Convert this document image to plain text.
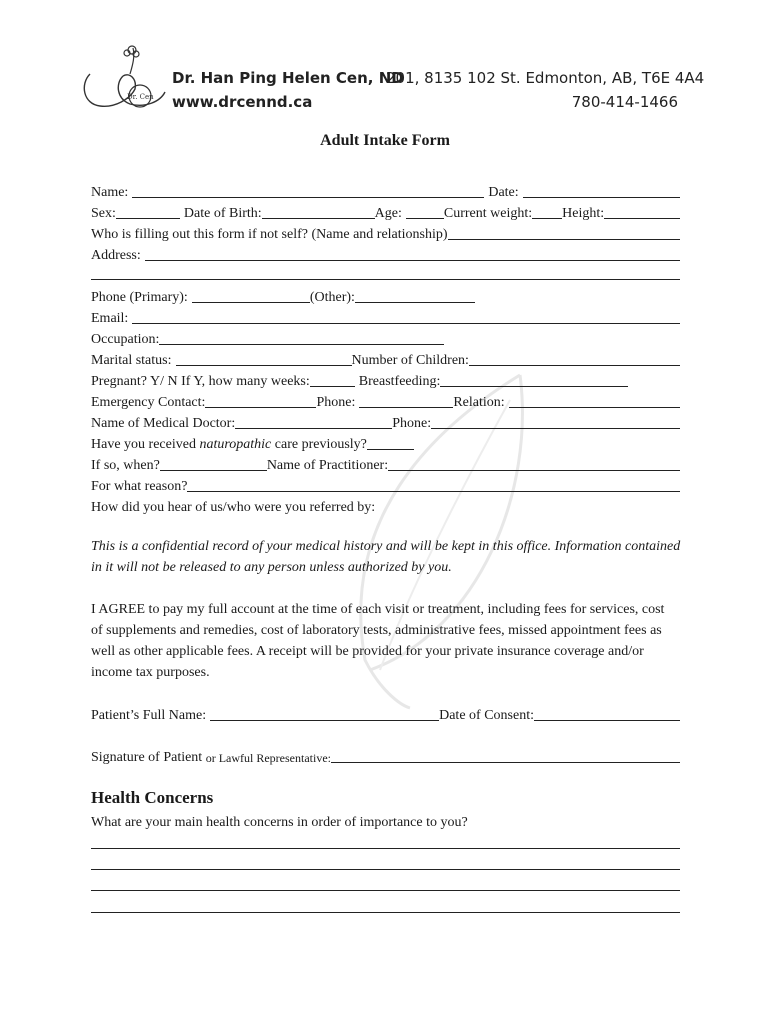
Dr. Cen
Dr. Han Ping Helen Cen, ND
201, 8135 102 St. Edmonton, AB, T6E 4A4
www.drcennd.ca	780-414-1466
Adult Intake Form
Name:	Date:
Sex:	Date of Birth:	Age:	Current weight: Height:
Who is filling out this form if not self? (Name and relationship)
Address:
Phone (Primary):	(Other):
Email:
Occupation:
Marital status:	Number of Children:
Pregnant? Y/ N If Y, how many weeks:	Breastfeeding:
Emergency Contact:	Phone:	Relation:
Name of Medical Doctor:	Phone:
Have you received naturopathic care previously?
If so, when?	Name of Practitioner:
For what reason?
How did you hear of us/who were you referred by:
This is a confidential record of your medical history and will be kept in this office. Information contained in it will not be released to any person unless authorized by you.
I AGREE to pay my full account at the time of each visit or treatment, including fees for services, cost of supplements and remedies, cost of laboratory tests, administrative fees, missed appointment fees as well as other applicable fees. A receipt will be provided for your private insurance coverage and/or income tax purposes.
Patient’s Full Name:	Date of Consent:
Signature of Patient or Lawful Representative:
Health Concerns
What are your main health concerns in order of importance to you?
